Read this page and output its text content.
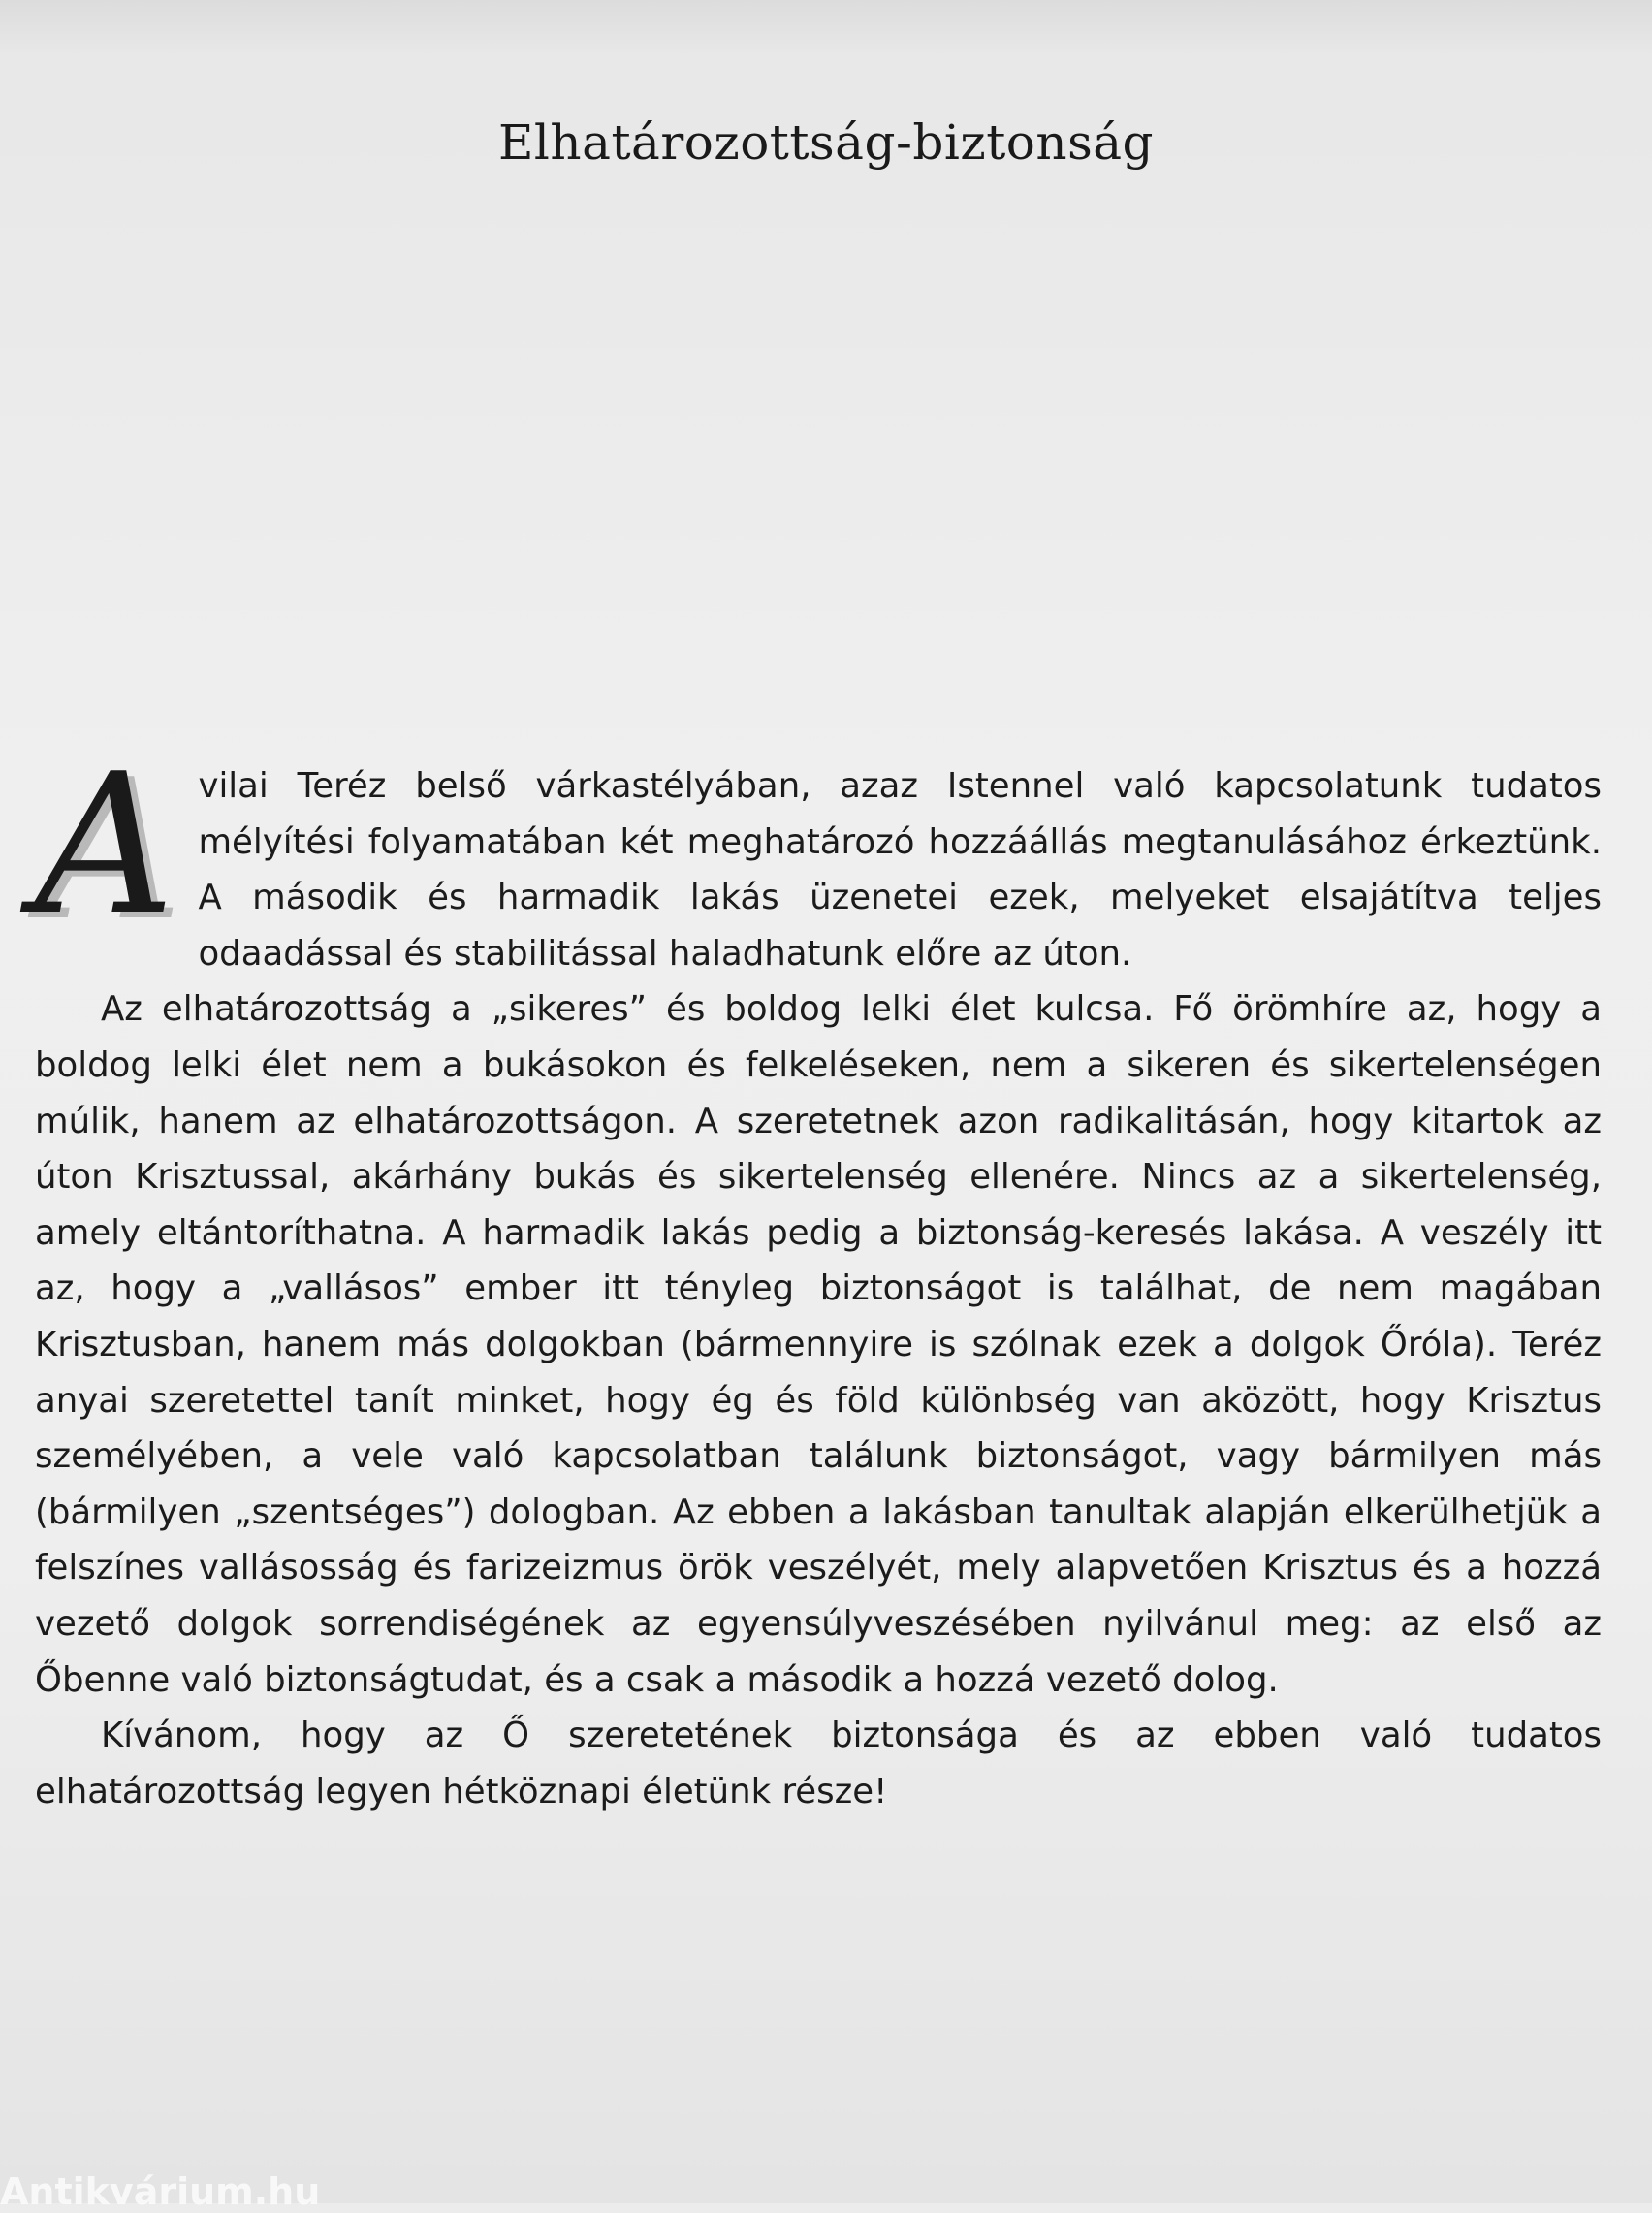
Elhatározottság-biztonság

A vilai Teréz belső várkastélyában, azaz Istennel való kapcsolatunk tudatos mélyítési folyamatában két meghatározó hozzáállás megtanulásához érkeztünk. A második és harmadik lakás üzenetei ezek, melyeket elsajátítva teljes odaadással és stabilitással haladhatunk előre az úton.

Az elhatározottság a „sikeres” és boldog lelki élet kulcsa. Fő örömhíre az, hogy a boldog lelki élet nem a bukásokon és felkeléseken, nem a sikeren és sikertelenségen múlik, hanem az elhatározottságon. A szeretetnek azon radikalitásán, hogy kitartok az úton Krisztussal, akárhány bukás és sikertelenség ellenére. Nincs az a sikertelenség, amely eltántoríthatna. A harmadik lakás pedig a biztonság-keresés lakása. A veszély itt az, hogy a „vallásos” ember itt tényleg biztonságot is találhat, de nem magában Krisztusban, hanem más dolgokban (bármennyire is szólnak ezek a dolgok Őróla). Teréz anyai szeretettel tanít minket, hogy ég és föld különbség van aközött, hogy Krisztus személyében, a vele való kapcsolatban találunk biztonságot, vagy bármilyen más (bármilyen „szentséges”) dologban. Az ebben a lakásban tanultak alapján elkerülhetjük a felszínes vallásosság és farizeizmus örök veszélyét, mely alapvetően Krisztus és a hozzá vezető dolgok sorrendiségének az egyensúlyveszésében nyilvánul meg: az első az Őbenne való biztonságtudat, és a csak a második a hozzá vezető dolog.

Kívánom, hogy az Ő szeretetének biztonsága és az ebben való tudatos elhatározottság legyen hétköznapi életünk része!

Antikvárium.hu
